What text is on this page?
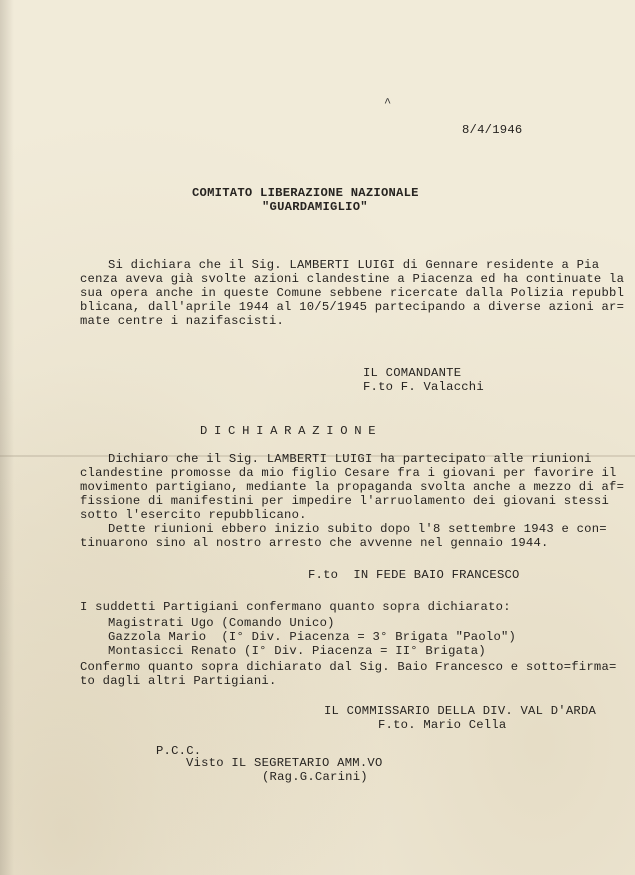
^
8/4/1946
COMITATO LIBERAZIONE NAZIONALE
"GUARDAMIGLIO"
Si dichiara che il Sig. LAMBERTI LUIGI di Gennare residente a Pia
cenza aveva già svolte azioni clandestine a Piacenza ed ha continuate la
sua opera anche in queste Comune sebbene ricercate dalla Polizia repubbl
blicana, dall'aprile 1944 al 10/5/1945 partecipando a diverse azioni ar=
mate centre i nazifascisti.
IL COMANDANTE
F.to F. Valacchi
DICHIARAZIONE
Dichiaro che il Sig. LAMBERTI LUIGI ha partecipato alle riunioni
clandestine promosse da mio figlio Cesare fra i giovani per favorire il
movimento partigiano, mediante la propaganda svolta anche a mezzo di af=
fissione di manifestini per impedire l'arruolamento dei giovani stessi
sotto l'esercito repubblicano.
Dette riunioni ebbero inizio subito dopo l'8 settembre 1943 e con=
tinuarono sino al nostro arresto che avvenne nel gennaio 1944.
F.to  IN FEDE BAIO FRANCESCO
I suddetti Partigiani confermano quanto sopra dichiarato:
Magistrati Ugo (Comando Unico)
Gazzola Mario  (I° Div. Piacenza = 3° Brigata "Paolo")
Montasicci Renato (I° Div. Piacenza = II° Brigata)
Confermo quanto sopra dichiarato dal Sig. Baio Francesco e sotto=firma=
to dagli altri Partigiani.
IL COMMISSARIO DELLA DIV. VAL D'ARDA
F.to. Mario Cella
P.C.C.
Visto IL SEGRETARIO AMM.VO
(Rag.G.Carini)
